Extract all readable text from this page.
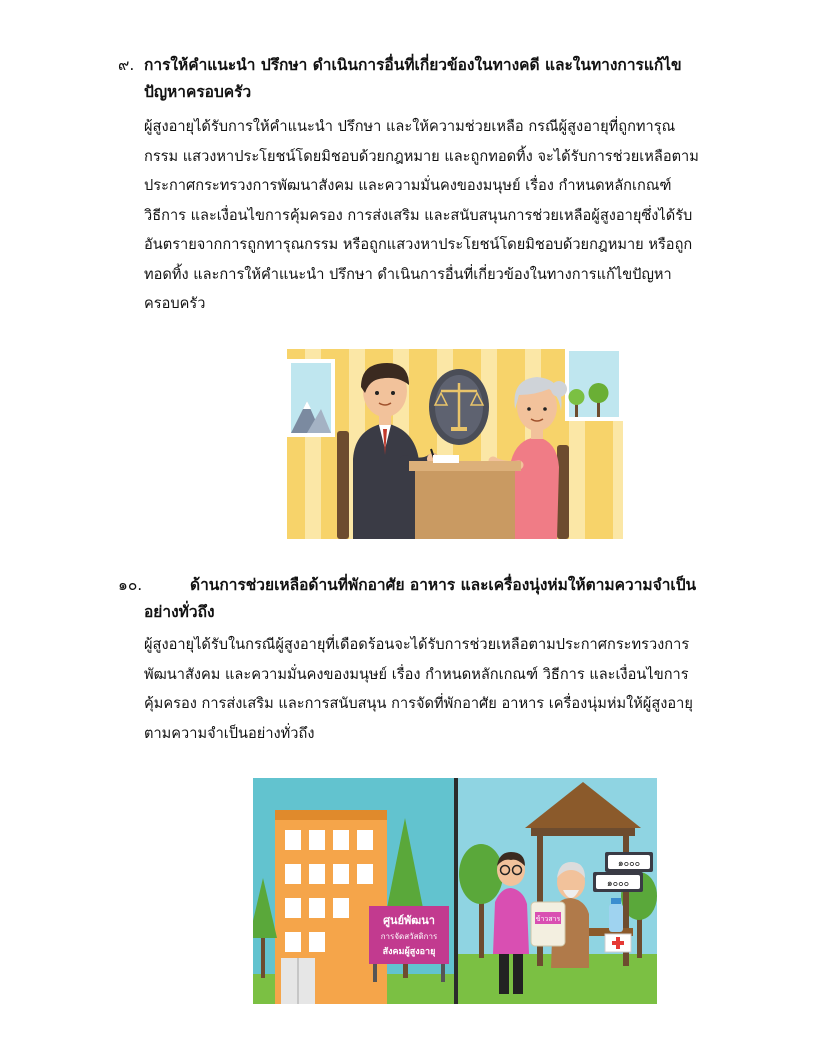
๙. การให้คำแนะนำ ปรึกษา ดำเนินการอื่นที่เกี่ยวข้องในทางคดี และในทางการแก้ไข
ปัญหาครอบครัว
ผู้สูงอายุได้รับการให้คำแนะนำ ปรึกษา และให้ความช่วยเหลือ กรณีผู้สูงอายุที่ถูกทารุณ
กรรม แสวงหาประโยชน์โดยมิชอบด้วยกฎหมาย และถูกทอดทิ้ง จะได้รับการช่วยเหลือตาม
ประกาศกระทรวงการพัฒนาสังคม และความมั่นคงของมนุษย์ เรื่อง กำหนดหลักเกณฑ์
วิธีการ และเงื่อนไขการคุ้มครอง การส่งเสริม และสนับสนุนการช่วยเหลือผู้สูงอายุซึ่งได้รับ
อันตรายจากการถูกทารุณกรรม หรือถูกแสวงหาประโยชน์โดยมิชอบด้วยกฎหมาย หรือถูก
ทอดทิ้ง และการให้คำแนะนำ ปรึกษา ดำเนินการอื่นที่เกี่ยวข้องในทางการแก้ไขปัญหา
ครอบครัว
๑๐.	ด้านการช่วยเหลือด้านที่พักอาศัย อาหาร และเครื่องนุ่งห่มให้ตามความจำเป็น
อย่างทั่วถึง
ผู้สูงอายุได้รับในกรณีผู้สูงอายุที่เดือดร้อนจะได้รับการช่วยเหลือตามประกาศกระทรวงการ
พัฒนาสังคม และความมั่นคงของมนุษย์ เรื่อง กำหนดหลักเกณฑ์ วิธีการ และเงื่อนไขการ
คุ้มครอง การส่งเสริม และการสนับสนุน การจัดที่พักอาศัย อาหาร เครื่องนุ่มห่มให้ผู้สูงอายุ
ตามความจำเป็นอย่างทั่วถึง
ศูนย์พัฒนา
การจัดสวัสดิการ
สังคมผู้สูงอายุ
๑๐๐๐
๑๐๐๐
ข้าวสาร
